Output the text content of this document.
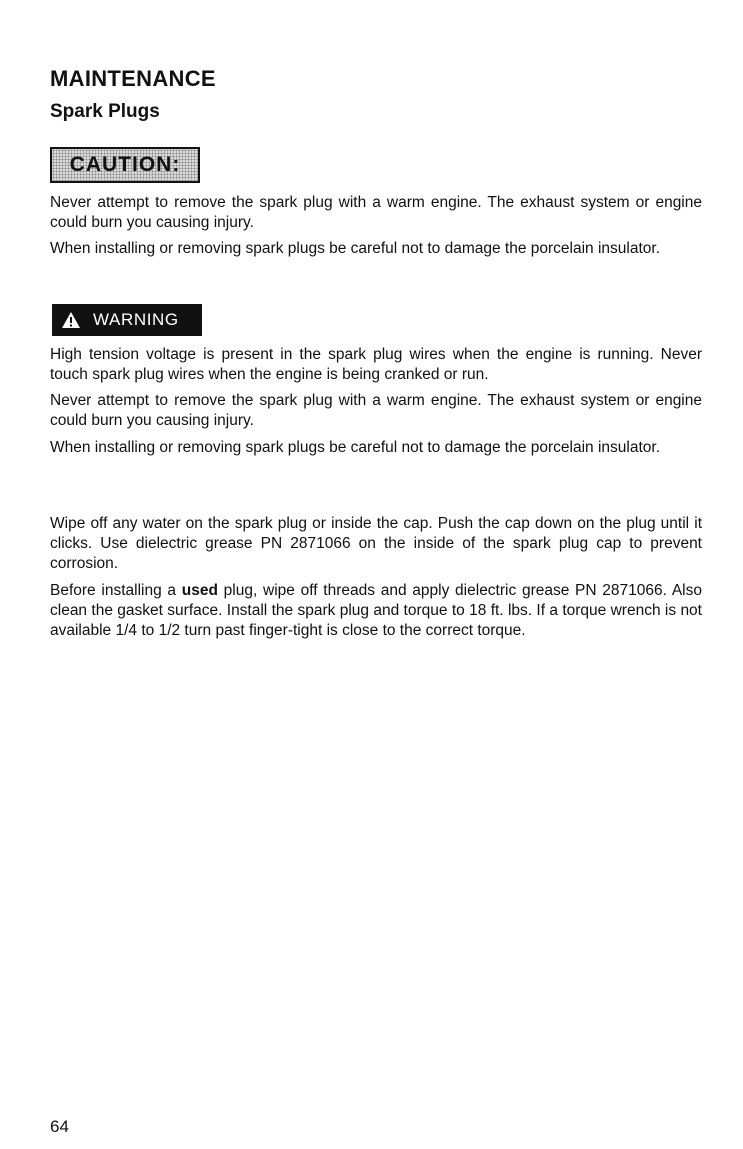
MAINTENANCE
Spark Plugs
CAUTION:

Never attempt to remove the spark plug with a warm engine. The exhaust system or engine could burn you causing injury.

When installing or removing spark plugs be careful not to damage the porcelain insulator.

WARNING

High tension voltage is present in the spark plug wires when the engine is running. Never touch spark plug wires when the engine is being cranked or run.

Never attempt to remove the spark plug with a warm engine. The exhaust system or engine could burn you causing injury.

When installing or removing spark plugs be careful not to damage the porcelain insulator.

Wipe off any water on the spark plug or inside the cap. Push the cap down on the plug until it clicks. Use dielectric grease PN 2871066 on the inside of the spark plug cap to prevent corrosion.

Before installing a used plug, wipe off threads and apply dielectric grease PN 2871066. Also clean the gasket surface. Install the spark plug and torque to 18 ft. lbs. If a torque wrench is not available 1/4 to 1/2 turn past finger-tight is close to the correct torque.

64
